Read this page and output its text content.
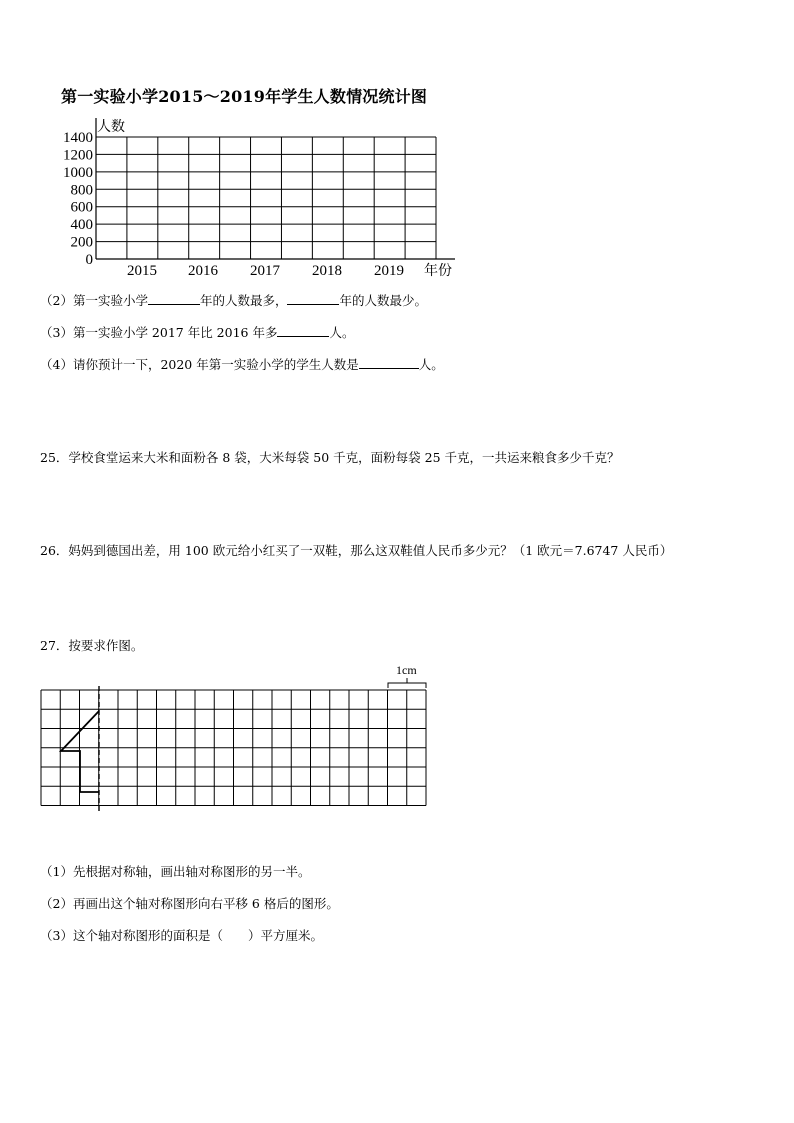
第一实验小学2015～2019年学生人数情况统计图
0
200
400
600
800
1000
1200
1400
2015 2016 2017 2018 2019
人数
年份
（2）第一实验小学	年的人数最多，	年的人数最少。
（3）第一实验小学 2017 年比 2016 年多	人。
（4）请你预计一下，2020 年第一实验小学的学生人数是	人。
25．学校食堂运来大米和面粉各 8 袋，大米每袋 50 千克，面粉每袋 25 千克，一共运来粮食多少千克？
26．妈妈到德国出差，用 100 欧元给小红买了一双鞋，那么这双鞋值人民币多少元？（1 欧元＝7.6747 人民币）
27．按要求作图。
1cm
（1）先根据对称轴，画出轴对称图形的另一半。
（2）再画出这个轴对称图形向右平移 6 格后的图形。
（3）这个轴对称图形的面积是（　　）平方厘米。
